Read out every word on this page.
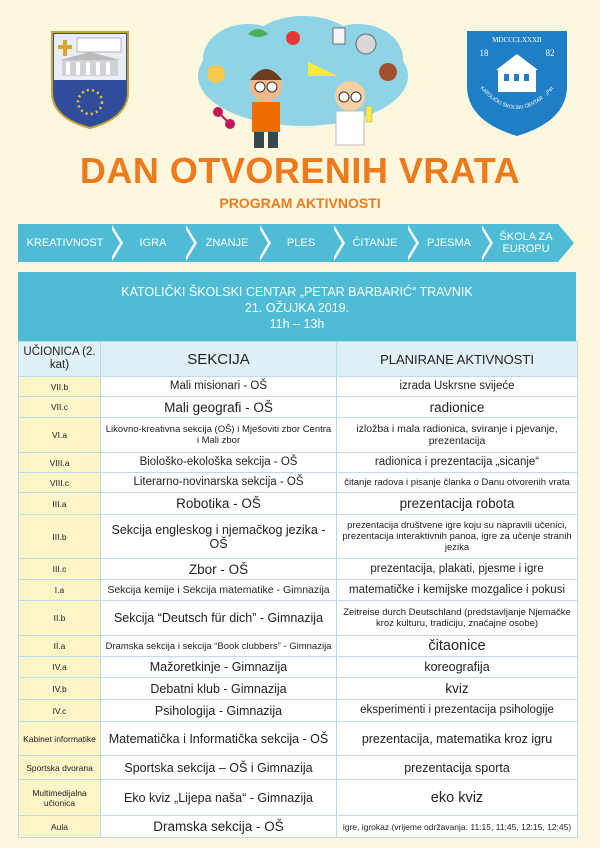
MDCCCLXXXII
18	82
KATOLIČKI ŠKOLSKI CENTAR · „Pet
DAN OTVORENIH VRATA
PROGRAM AKTIVNOSTI
KREATIVNOST	IGRA	ZNANJE	PLES	ČITANJE	PJESMA	ŠKOLA ZA EUROPU
KATOLIČKI ŠKOLSKI CENTAR „PETAR BARBARIĆ“ TRAVNIK
21. OŽUJKA 2019.
11h – 13h
UČIONICA (2. kat)	SEKCIJA	PLANIRANE AKTIVNOSTI
VII.b	Mali misionari - OŠ	izrada Uskrsne svijeće
VII.c	Mali geografi - OŠ	radionice
VI.a	Likovno-kreativna sekcija (OŠ) i Mješoviti zbor Centra i Mali zbor	izložba i mala radionica, sviranje i pjevanje, prezentacija
VIII.a	Biološko-ekološka sekcija - OŠ	radionica i prezentacija „sicanje“
VIII.c	Literarno-novinarska sekcija - OŠ	čitanje radova i pisanje članka o Danu otvorenih vrata
III.a	Robotika - OŠ	prezentacija robota
III.b	Sekcija engleskog i njemačkog jezika - OŠ	prezentacija društvene igre koju su napravili učenici, prezentacija interaktivnih panoa, igre za učenje stranih jezika
III.c	Zbor - OŠ	prezentacija, plakati, pjesme i igre
I.a	Sekcija kemije i Sekcija matematike - Gimnazija	matematičke i kemijske mozgalice i pokusi
II.b	Sekcija “Deutsch für dich” - Gimnazija	Zeitreise durch Deutschland (predstavljanje Njemačke kroz kulturu, tradiciju, značajne osobe)
II.a	Dramska sekcija i sekcija “Book clubbers” - Gimnazija	čitaonice
IV.a	Mažoretkinje - Gimnazija	koreografija
IV.b	Debatni klub - Gimnazija	kviz
IV.c	Psihologija - Gimnazija	eksperimenti i prezentacija psihologije
Kabinet informatike	Matematička i Informatička sekcija - OŠ	prezentacija, matematika kroz igru
Sportska dvorana	Sportska sekcija – OŠ i Gimnazija	prezentacija sporta
Multimedijalna učionica	Eko kviz „Lijepa naša“ - Gimnazija	eko kviz
Aula	Dramska sekcija - OŠ	igre, igrokaz (vrijeme održavanja: 11:15, 11:45, 12:15, 12:45)
